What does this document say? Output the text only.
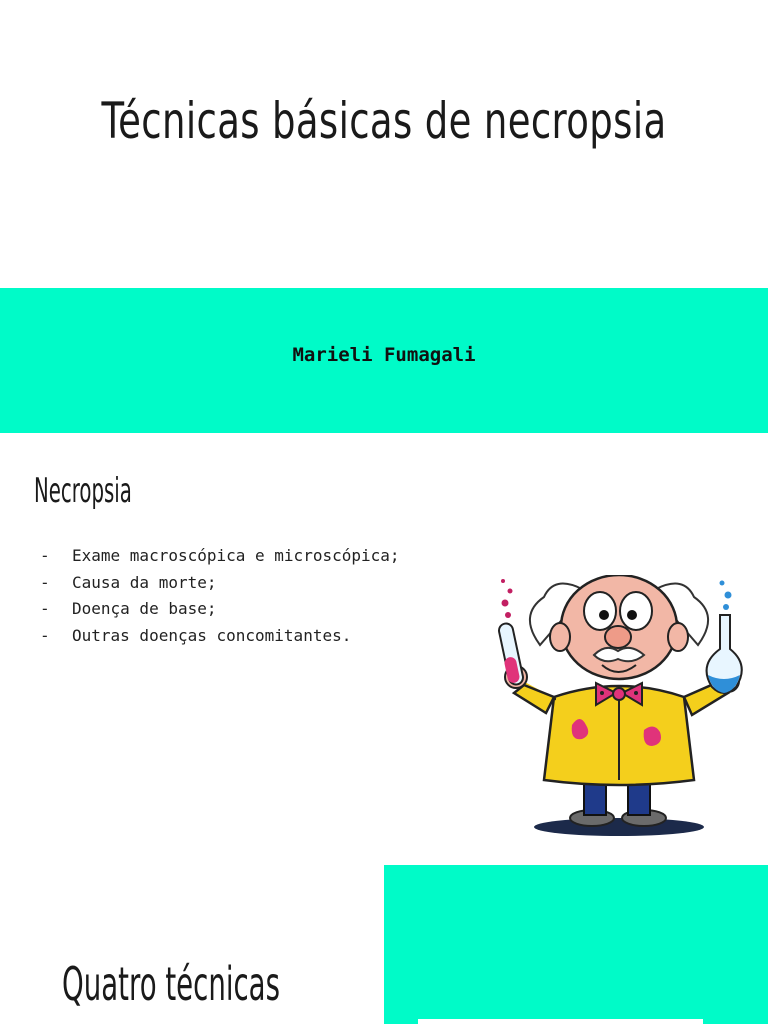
Técnicas básicas de necropsia
Marieli Fumagali
Necropsia
- Exame macroscópica e microscópica;
- Causa da morte;
- Doença de base;
- Outras doenças concomitantes.
Quatro técnicas
